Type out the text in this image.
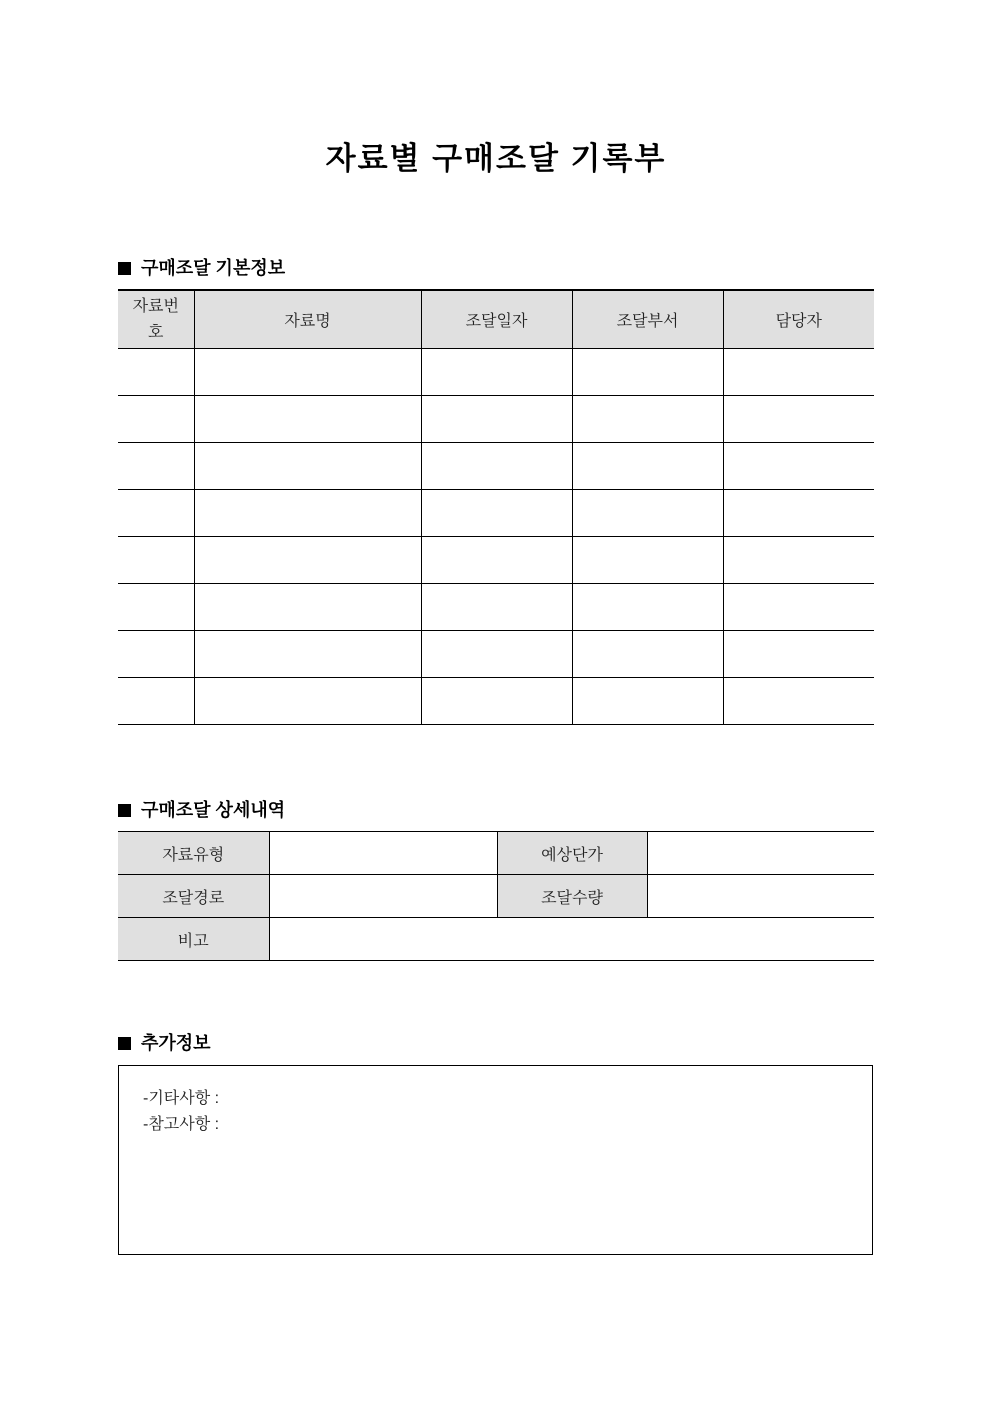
자료별 구매조달 기록부
구매조달 기본정보
자료번호	자료명	조달일자	조달부서	담당자

구매조달 상세내역
자료유형		예상단가	
조달경로		조달수량	
비고			
추가정보
-기타사항 :
-참고사항 :
